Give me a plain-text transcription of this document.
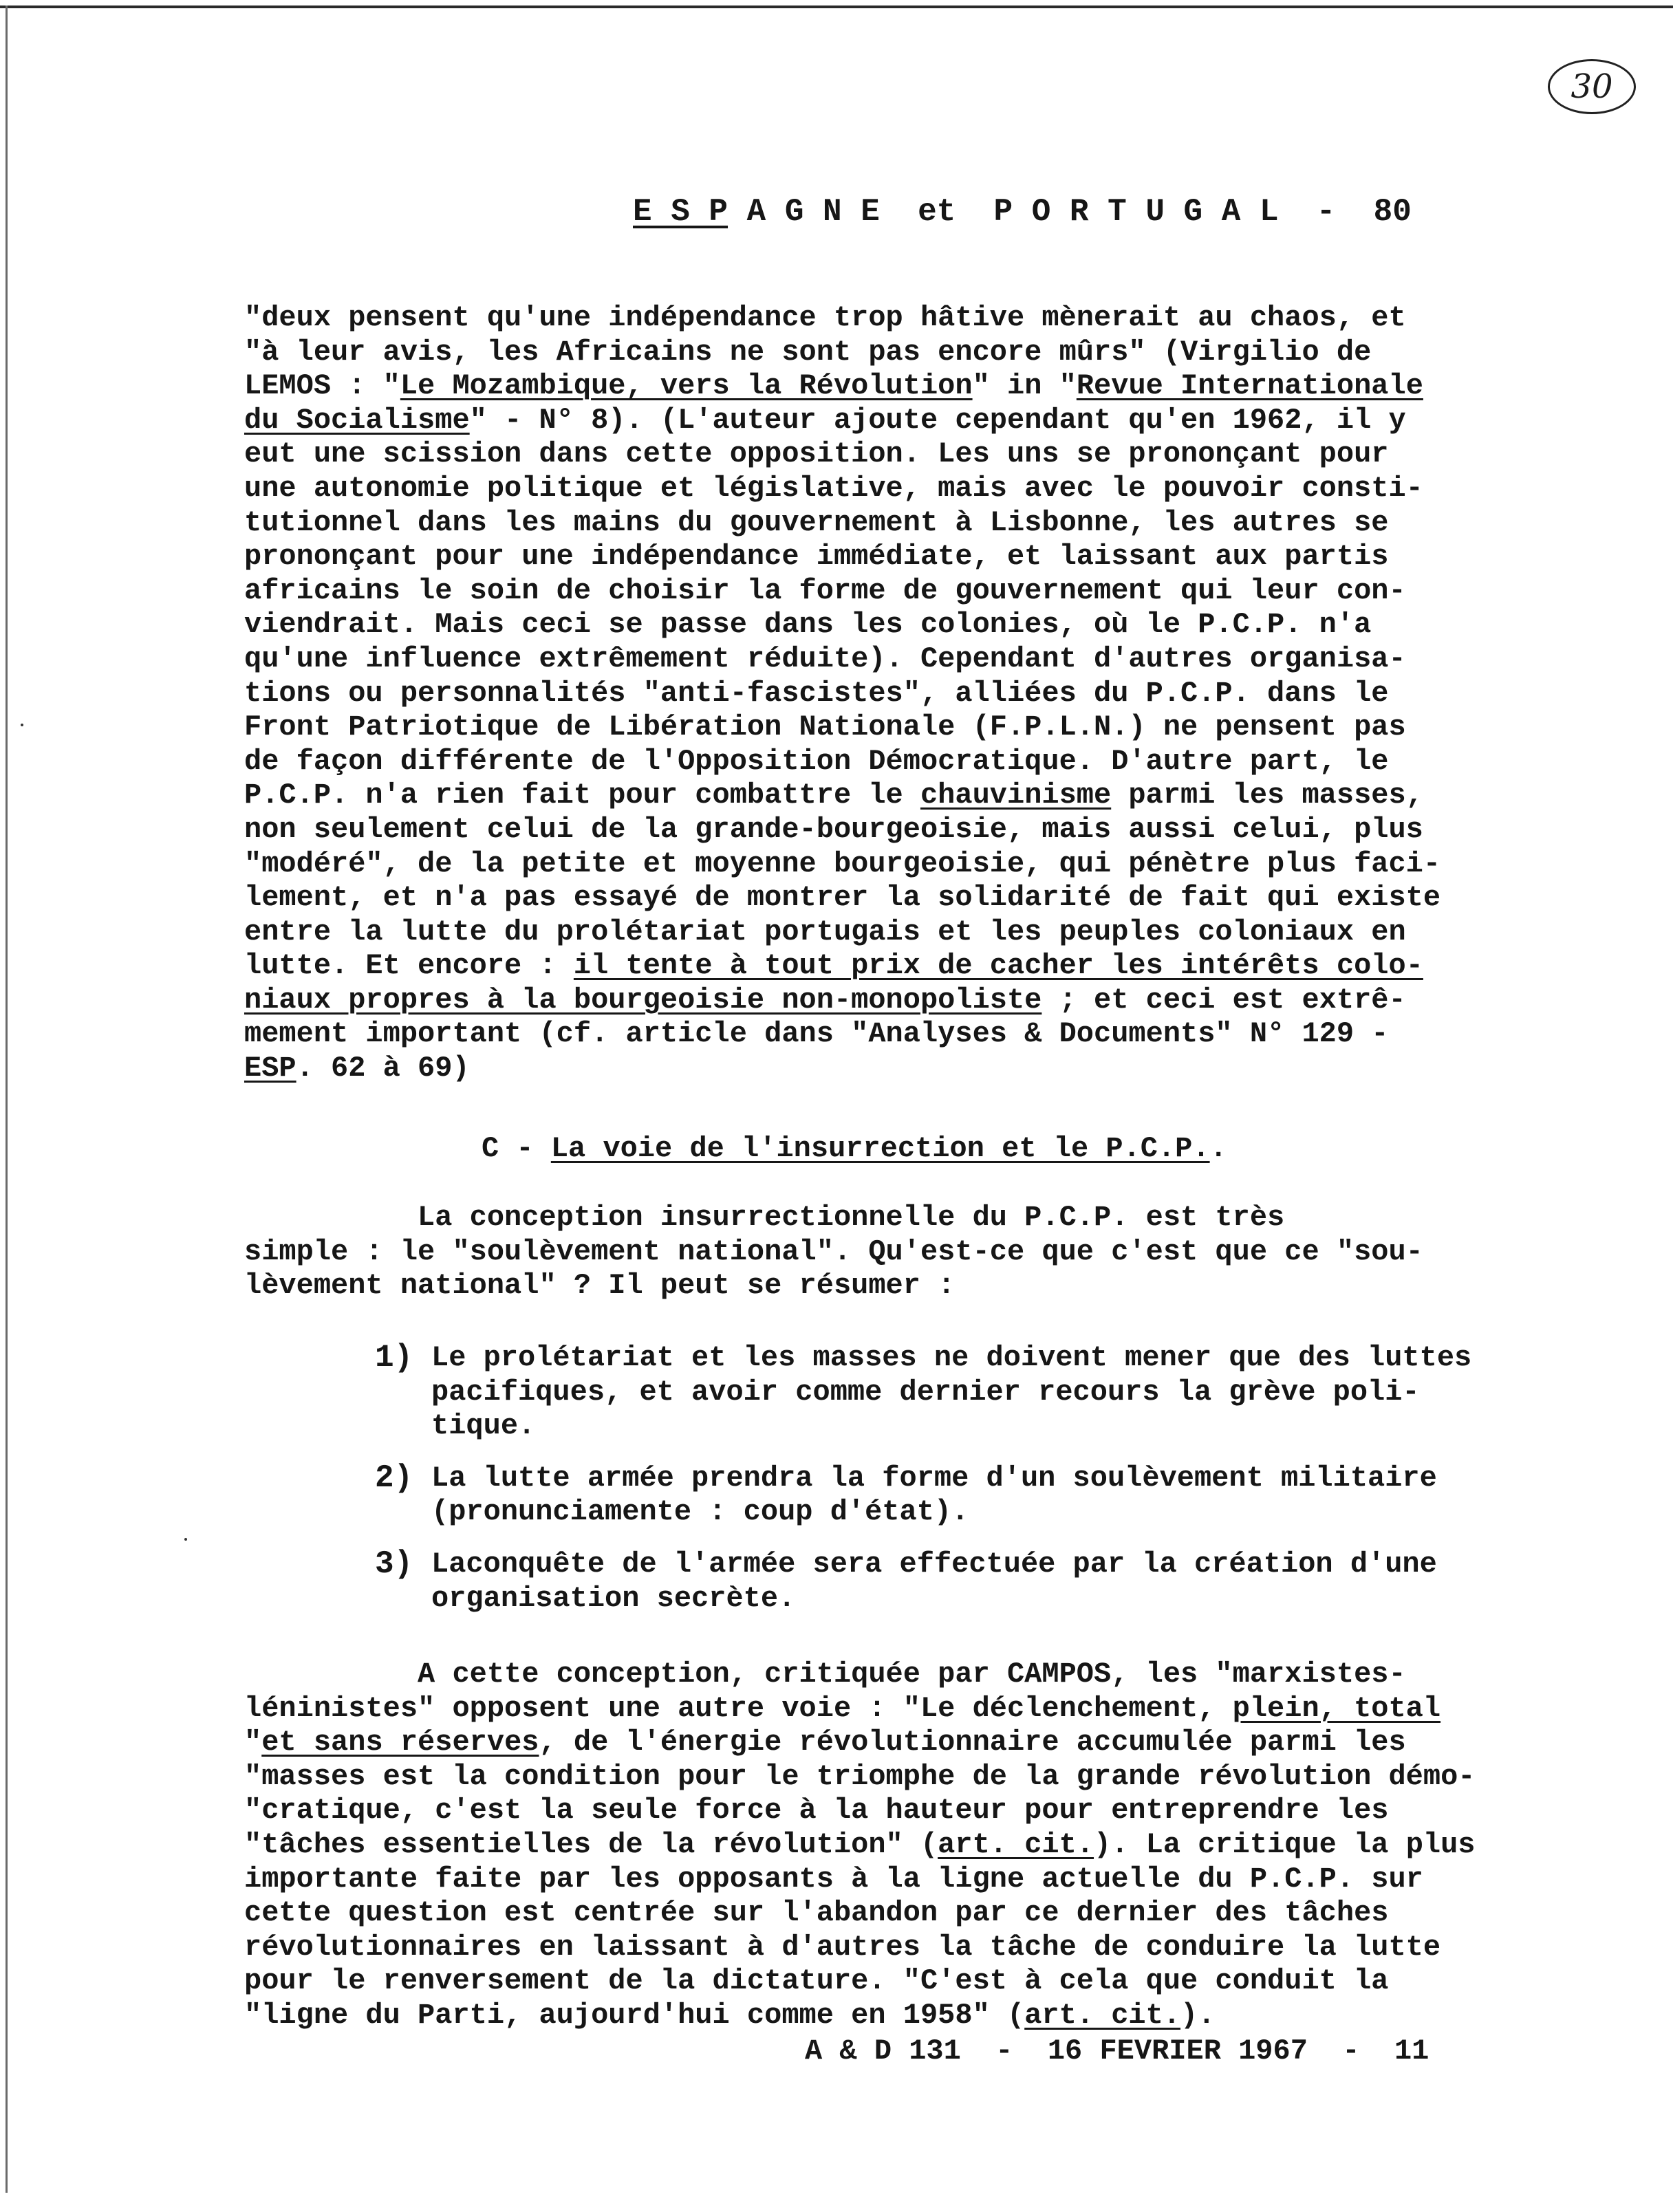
30
E S P A G N E  et  P O R T U G A L  -  80
"deux pensent qu'une indépendance trop hâtive mènerait au chaos, et
"à leur avis, les Africains ne sont pas encore mûrs" (Virgilio de
LEMOS : "Le Mozambique, vers la Révolution" in "Revue Internationale
du Socialisme" - N° 8). (L'auteur ajoute cependant qu'en 1962, il y
eut une scission dans cette opposition. Les uns se prononçant pour
une autonomie politique et législative, mais avec le pouvoir consti-
tutionnel dans les mains du gouvernement à Lisbonne, les autres se
prononçant pour une indépendance immédiate, et laissant aux partis
africains le soin de choisir la forme de gouvernement qui leur con-
viendrait. Mais ceci se passe dans les colonies, où le P.C.P. n'a
qu'une influence extrêmement réduite). Cependant d'autres organisa-
tions ou personnalités "anti-fascistes", alliées du P.C.P. dans le
Front Patriotique de Libération Nationale (F.P.L.N.) ne pensent pas
de façon différente de l'Opposition Démocratique. D'autre part, le
P.C.P. n'a rien fait pour combattre le chauvinisme parmi les masses,
non seulement celui de la grande-bourgeoisie, mais aussi celui, plus
"modéré", de la petite et moyenne bourgeoisie, qui pénètre plus faci-
lement, et n'a pas essayé de montrer la solidarité de fait qui existe
entre la lutte du prolétariat portugais et les peuples coloniaux en
lutte. Et encore : il tente à tout prix de cacher les intérêts colo-
niaux propres à la bourgeoisie non-monopoliste ; et ceci est extrê-
mement important (cf. article dans "Analyses & Documents" N° 129 -
ESP. 62 à 69)
C - La voie de l'insurrection et le P.C.P..
La conception insurrectionnelle du P.C.P. est très
simple : le "soulèvement national". Qu'est-ce que c'est que ce "sou-
lèvement national" ? Il peut se résumer :
1) Le prolétariat et les masses ne doivent mener que des luttes
pacifiques, et avoir comme dernier recours la grève poli-
tique.
2) La lutte armée prendra la forme d'un soulèvement militaire
(pronunciamente : coup d'état).
3) Laconquête de l'armée sera effectuée par la création d'une
organisation secrète.
A cette conception, critiquée par CAMPOS, les "marxistes-
léninistes" opposent une autre voie : "Le déclenchement, plein, total
"et sans réserves, de l'énergie révolutionnaire accumulée parmi les
"masses est la condition pour le triomphe de la grande révolution démo-
"cratique, c'est la seule force à la hauteur pour entreprendre les
"tâches essentielles de la révolution" (art. cit.). La critique la plus
importante faite par les opposants à la ligne actuelle du P.C.P. sur
cette question est centrée sur l'abandon par ce dernier des tâches
révolutionnaires en laissant à d'autres la tâche de conduire la lutte
pour le renversement de la dictature. "C'est à cela que conduit la
"ligne du Parti, aujourd'hui comme en 1958" (art. cit.).
A & D 131  -  16 FEVRIER 1967  -  11
